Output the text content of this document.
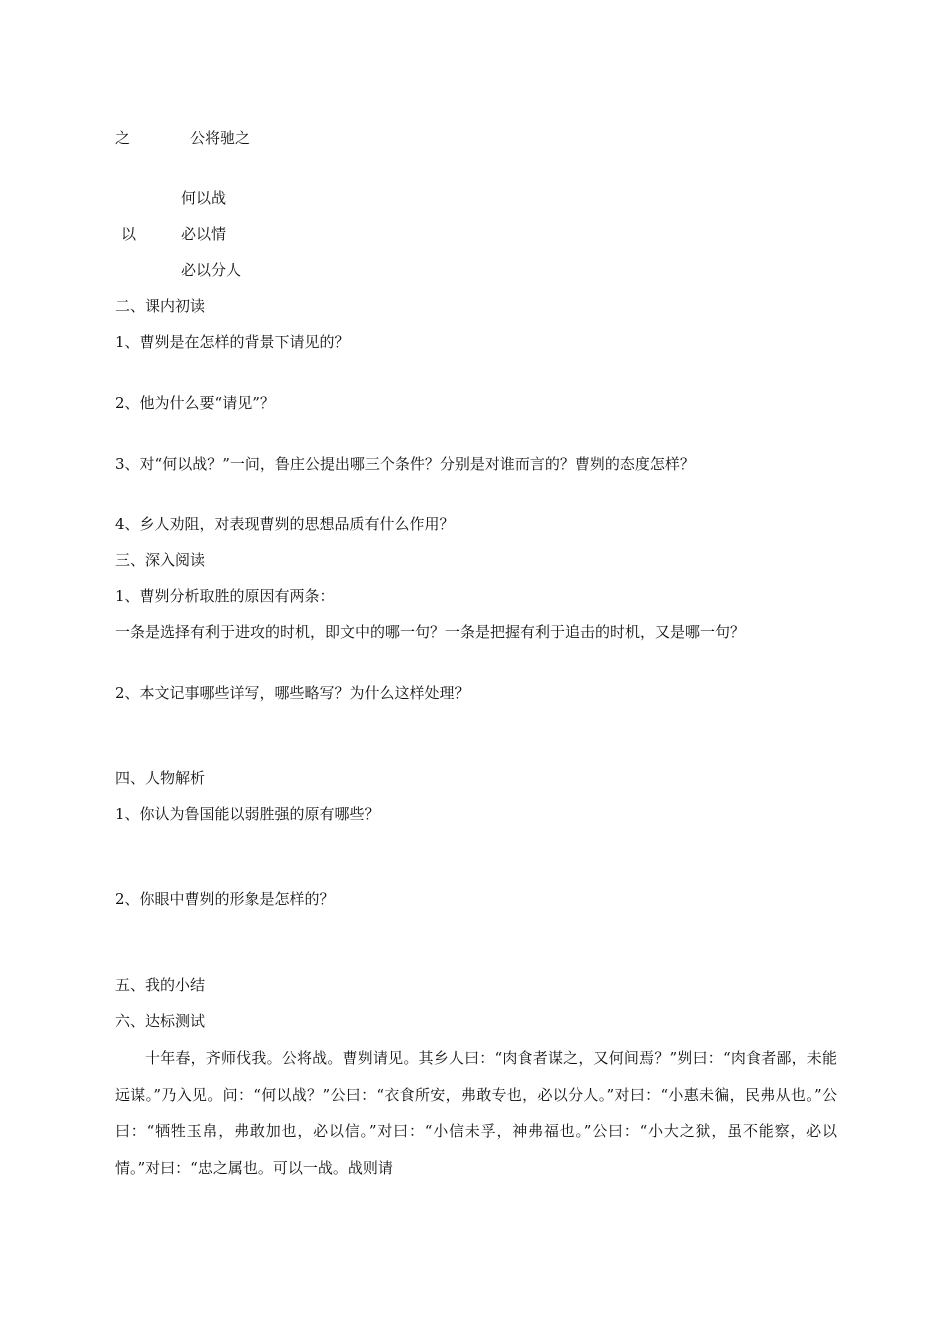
之	公将驰之
何以战
以	必以情
必以分人
二、课内初读
1、曹刿是在怎样的背景下请见的？
2、他为什么要“请见”？
3、对“何以战？”一问，鲁庄公提出哪三个条件？分别是对谁而言的？曹刿的态度怎样？
4、乡人劝阻，对表现曹刿的思想品质有什么作用？
三、深入阅读
1、曹刿分析取胜的原因有两条：
一条是选择有利于进攻的时机，即文中的哪一句？一条是把握有利于追击的时机，又是哪一句？
2、本文记事哪些详写，哪些略写？为什么这样处理？
四、人物解析
1、你认为鲁国能以弱胜强的原有哪些？
2、你眼中曹刿的形象是怎样的？
五、我的小结
六、达标测试
十年春，齐师伐我。公将战。曹刿请见。其乡人曰：“肉食者谋之，又何间焉？”刿曰：“肉食者鄙，未能远谋。”乃入见。问：“何以战？”公曰：“衣食所安，弗敢专也，必以分人。”对曰：“小惠未徧，民弗从也。”公曰：“牺牲玉帛，弗敢加也，必以信。”对曰：“小信未孚，神弗福也。”公曰：“小大之狱，虽不能察，必以情。”对曰：“忠之属也。可以一战。战则请
